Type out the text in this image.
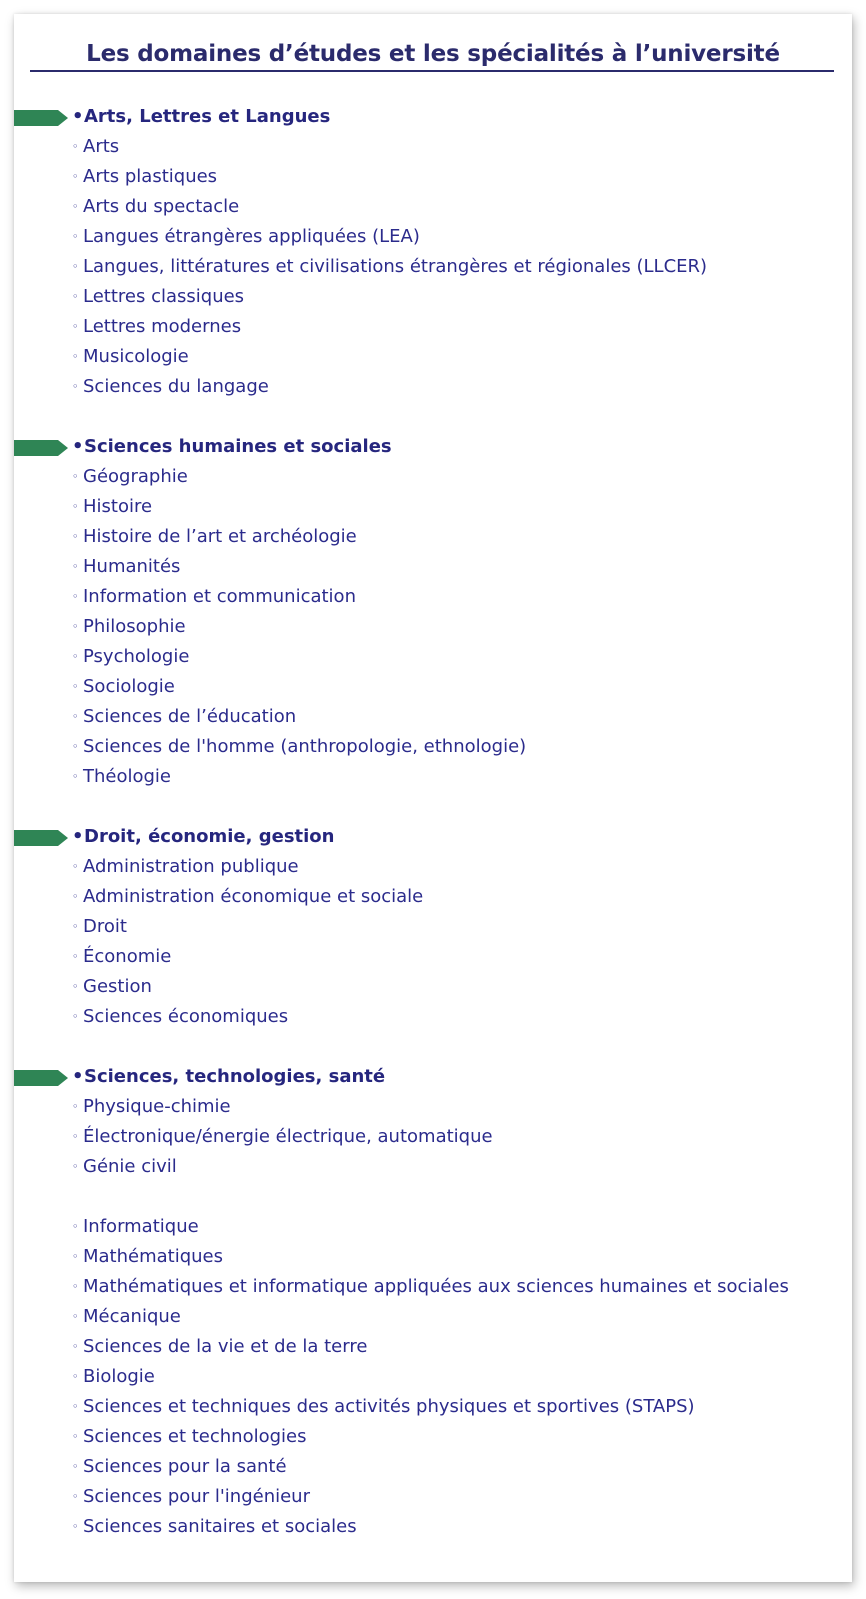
Les domaines d’études et les spécialités à l’université
•Arts, Lettres et Langues
◦ Arts
◦ Arts plastiques
◦ Arts du spectacle
◦ Langues étrangères appliquées (LEA)
◦ Langues, littératures et civilisations étrangères et régionales (LLCER)
◦ Lettres classiques
◦ Lettres modernes
◦ Musicologie
◦ Sciences du langage
•Sciences humaines et sociales
◦ Géographie
◦ Histoire
◦ Histoire de l’art et archéologie
◦ Humanités
◦ Information et communication
◦ Philosophie
◦ Psychologie
◦ Sociologie
◦ Sciences de l’éducation
◦ Sciences de l'homme (anthropologie, ethnologie)
◦ Théologie
•Droit, économie, gestion
◦ Administration publique
◦ Administration économique et sociale
◦ Droit
◦ Économie
◦ Gestion
◦ Sciences économiques
•Sciences, technologies, santé
◦ Physique-chimie
◦ Électronique/énergie électrique, automatique
◦ Génie civil
◦ Informatique
◦ Mathématiques
◦ Mathématiques et informatique appliquées aux sciences humaines et sociales
◦ Mécanique
◦ Sciences de la vie et de la terre
◦ Biologie
◦ Sciences et techniques des activités physiques et sportives (STAPS)
◦ Sciences et technologies
◦ Sciences pour la santé
◦ Sciences pour l'ingénieur
◦ Sciences sanitaires et sociales
